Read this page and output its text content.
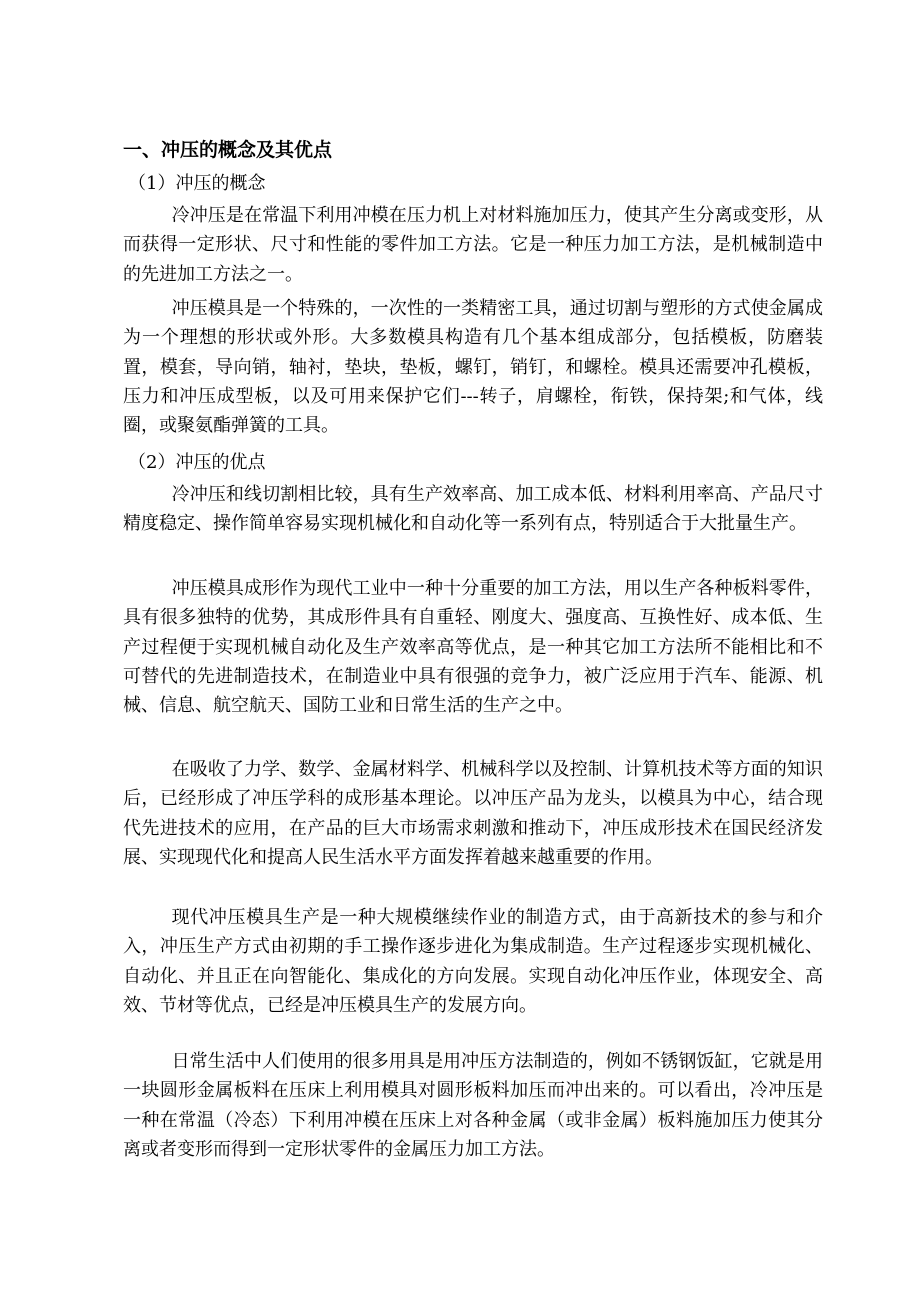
一、冲压的概念及其优点
（1）冲压的概念

冷冲压是在常温下利用冲模在压力机上对材料施加压力，使其产生分离或变形，从而获得一定形状、尺寸和性能的零件加工方法。它是一种压力加工方法，是机械制造中的先进加工方法之一。

冲压模具是一个特殊的，一次性的一类精密工具，通过切割与塑形的方式使金属成为一个理想的形状或外形。大多数模具构造有几个基本组成部分，包括模板，防磨装置，模套，导向销，轴衬，垫块，垫板，螺钉，销钉，和螺栓。模具还需要冲孔模板，压力和冲压成型板，以及可用来保护它们---转子，肩螺栓，衔铁，保持架;和气体，线圈，或聚氨酯弹簧的工具。

（2）冲压的优点

冷冲压和线切割相比较，具有生产效率高、加工成本低、材料利用率高、产品尺寸精度稳定、操作简单容易实现机械化和自动化等一系列有点，特别适合于大批量生产。

冲压模具成形作为现代工业中一种十分重要的加工方法，用以生产各种板料零件，具有很多独特的优势，其成形件具有自重轻、刚度大、强度高、互换性好、成本低、生产过程便于实现机械自动化及生产效率高等优点，是一种其它加工方法所不能相比和不可替代的先进制造技术，在制造业中具有很强的竞争力，被广泛应用于汽车、能源、机械、信息、航空航天、国防工业和日常生活的生产之中。

在吸收了力学、数学、金属材料学、机械科学以及控制、计算机技术等方面的知识后，已经形成了冲压学科的成形基本理论。以冲压产品为龙头，以模具为中心，结合现代先进技术的应用，在产品的巨大市场需求刺激和推动下，冲压成形技术在国民经济发展、实现现代化和提高人民生活水平方面发挥着越来越重要的作用。

现代冲压模具生产是一种大规模继续作业的制造方式，由于高新技术的参与和介入，冲压生产方式由初期的手工操作逐步进化为集成制造。生产过程逐步实现机械化、自动化、并且正在向智能化、集成化的方向发展。实现自动化冲压作业，体现安全、高效、节材等优点，已经是冲压模具生产的发展方向。

日常生活中人们使用的很多用具是用冲压方法制造的，例如不锈钢饭缸，它就是用一块圆形金属板料在压床上利用模具对圆形板料加压而冲出来的。可以看出，冷冲压是一种在常温（冷态）下利用冲模在压床上对各种金属（或非金属）板料施加压力使其分离或者变形而得到一定形状零件的金属压力加工方法。
